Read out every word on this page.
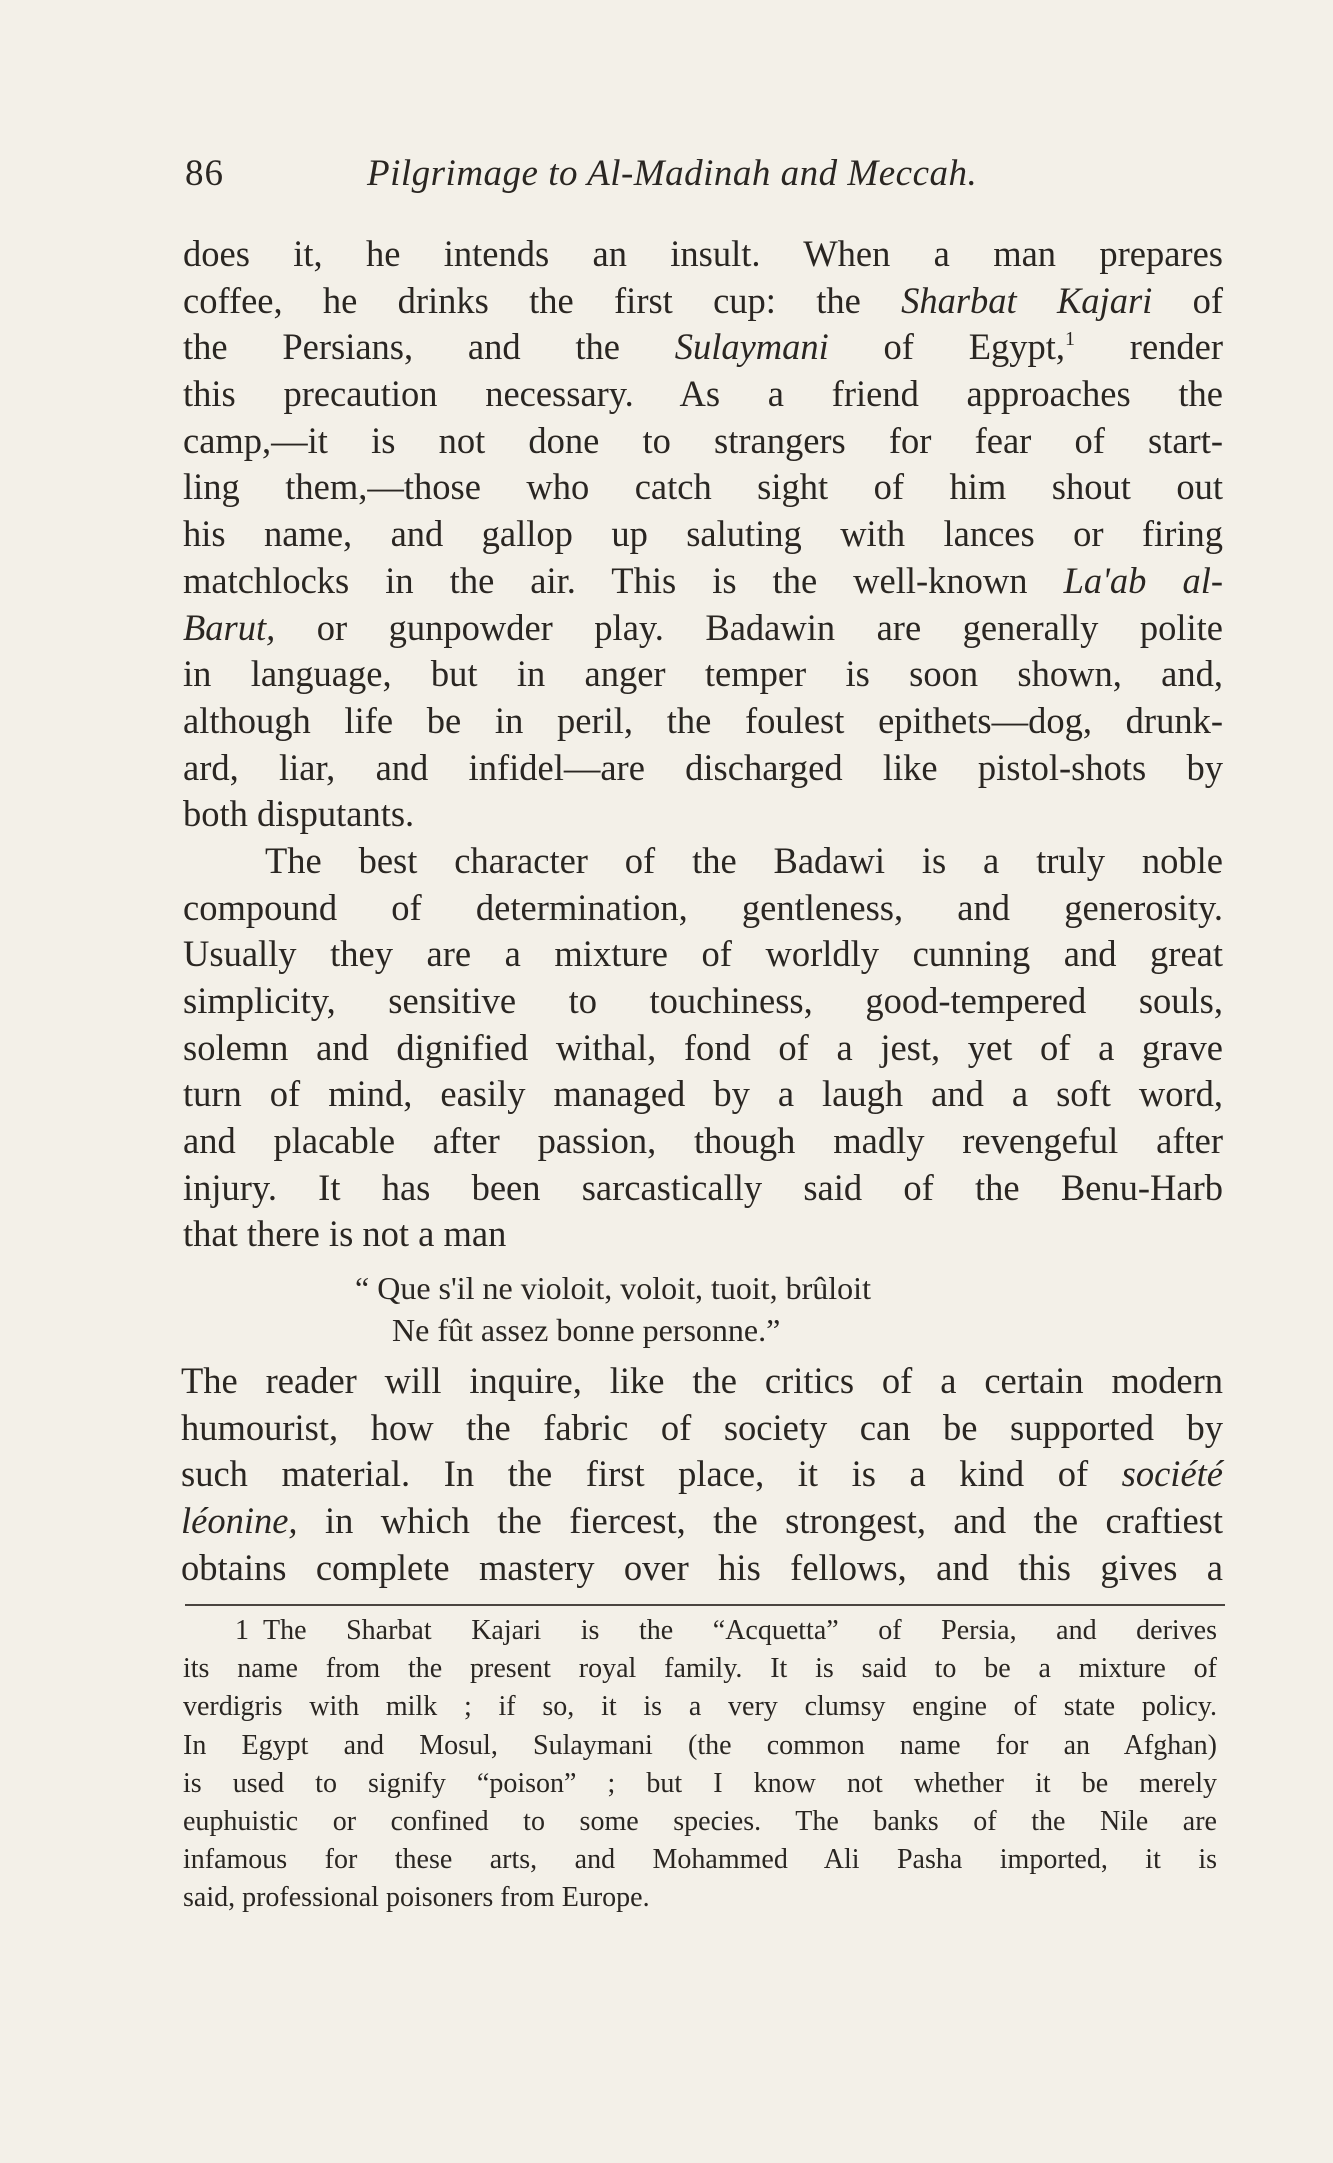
86	Pilgrimage to Al-Madinah and Meccah.
does it, he intends an insult. When a man prepares
coffee, he drinks the first cup: the Sharbat Kajari of
the Persians, and the Sulaymani of Egypt,$^1$ render
this precaution necessary. As a friend approaches the
camp,—it is not done to strangers for fear of start-
ling them,—those who catch sight of him shout out
his name, and gallop up saluting with lances or firing
matchlocks in the air. This is the well-known La'ab al-
Barut, or gunpowder play. Badawin are generally polite
in language, but in anger temper is soon shown, and,
although life be in peril, the foulest epithets—dog, drunk-
ard, liar, and infidel—are discharged like pistol-shots by
both disputants.
The best character of the Badawi is a truly noble
compound of determination, gentleness, and generosity.
Usually they are a mixture of worldly cunning and great
simplicity, sensitive to touchiness, good-tempered souls,
solemn and dignified withal, fond of a jest, yet of a grave
turn of mind, easily managed by a laugh and a soft word,
and placable after passion, though madly revengeful after
injury. It has been sarcastically said of the Benu-Harb
that there is not a man
“ Que s'il ne violoit, voloit, tuoit, brûloit
Ne fût assez bonne personne.”
The reader will inquire, like the critics of a certain modern
humourist, how the fabric of society can be supported by
such material. In the first place, it is a kind of société
léonine, in which the fiercest, the strongest, and the craftiest
obtains complete mastery over his fellows, and this gives a
1 The Sharbat Kajari is the “Acquetta” of Persia, and derives
its name from the present royal family. It is said to be a mixture of
verdigris with milk ; if so, it is a very clumsy engine of state policy.
In Egypt and Mosul, Sulaymani (the common name for an Afghan)
is used to signify “poison” ; but I know not whether it be merely
euphuistic or confined to some species. The banks of the Nile are
infamous for these arts, and Mohammed Ali Pasha imported, it is
said, professional poisoners from Europe.
